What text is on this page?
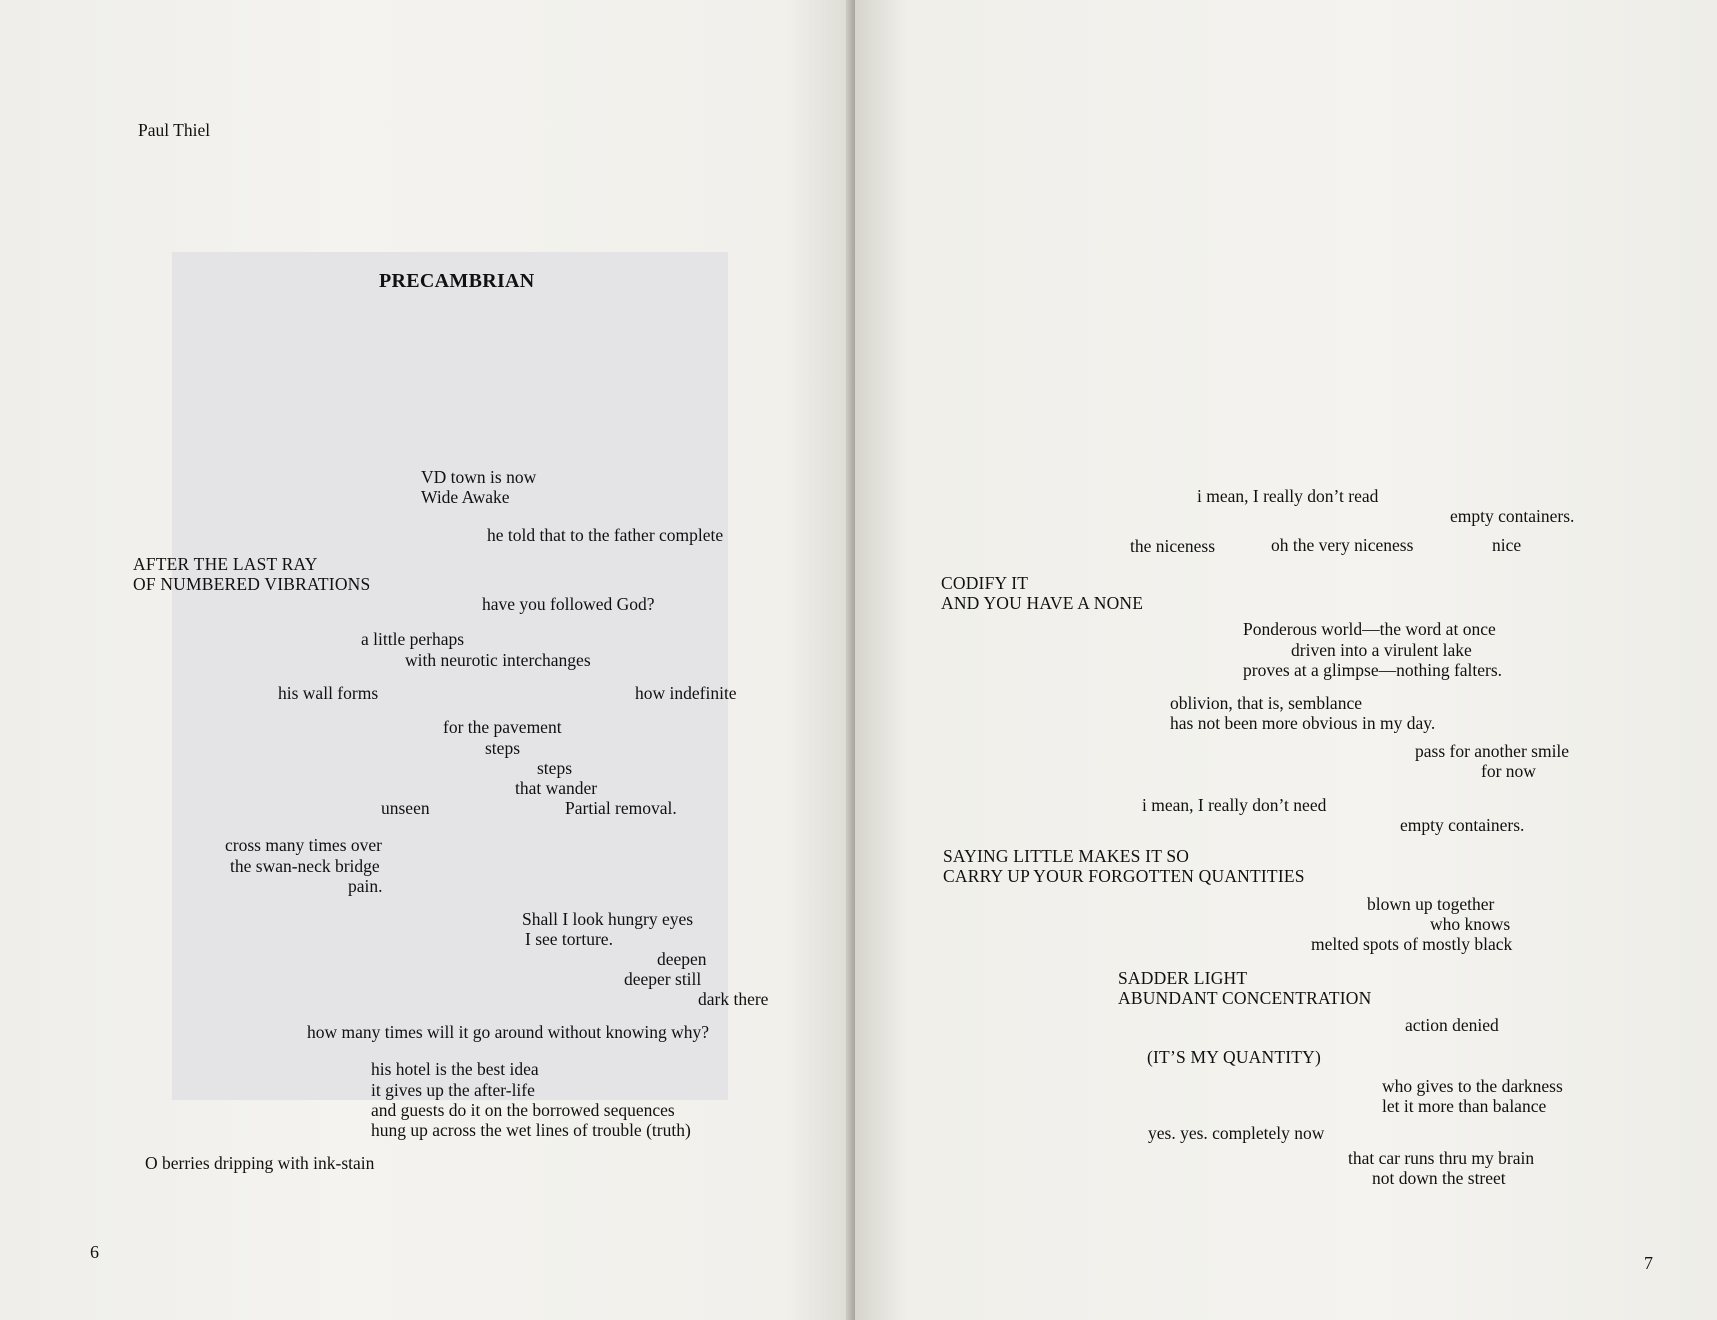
Paul Thiel
PRECAMBRIAN
VD town is now
Wide Awake
he told that to the father complete
AFTER THE LAST RAY
OF NUMBERED VIBRATIONS
have you followed God?
a little perhaps
with neurotic interchanges
his wall forms	how indefinite
for the pavement
steps
steps
that wander
unseen	Partial removal.
cross many times over
the swan-neck bridge
pain.
Shall I look hungry eyes
I see torture.
deepen
deeper still
dark there
how many times will it go around without knowing why?
his hotel is the best idea
it gives up the after-life
and guests do it on the borrowed sequences
hung up across the wet lines of trouble (truth)
O berries dripping with ink-stain
6
i mean, I really don’t read
empty containers.
the niceness	oh the very niceness	nice
CODIFY IT
AND YOU HAVE A NONE
Ponderous world—the word at once
driven into a virulent lake
proves at a glimpse—nothing falters.
oblivion, that is, semblance
has not been more obvious in my day.
pass for another smile
for now
i mean, I really don’t need
empty containers.
SAYING LITTLE MAKES IT SO
CARRY UP YOUR FORGOTTEN QUANTITIES
blown up together
who knows
melted spots of mostly black
SADDER LIGHT
ABUNDANT CONCENTRATION
action denied
(IT’S MY QUANTITY)
who gives to the darkness
let it more than balance
yes. yes. completely now
that car runs thru my brain
not down the street
7
